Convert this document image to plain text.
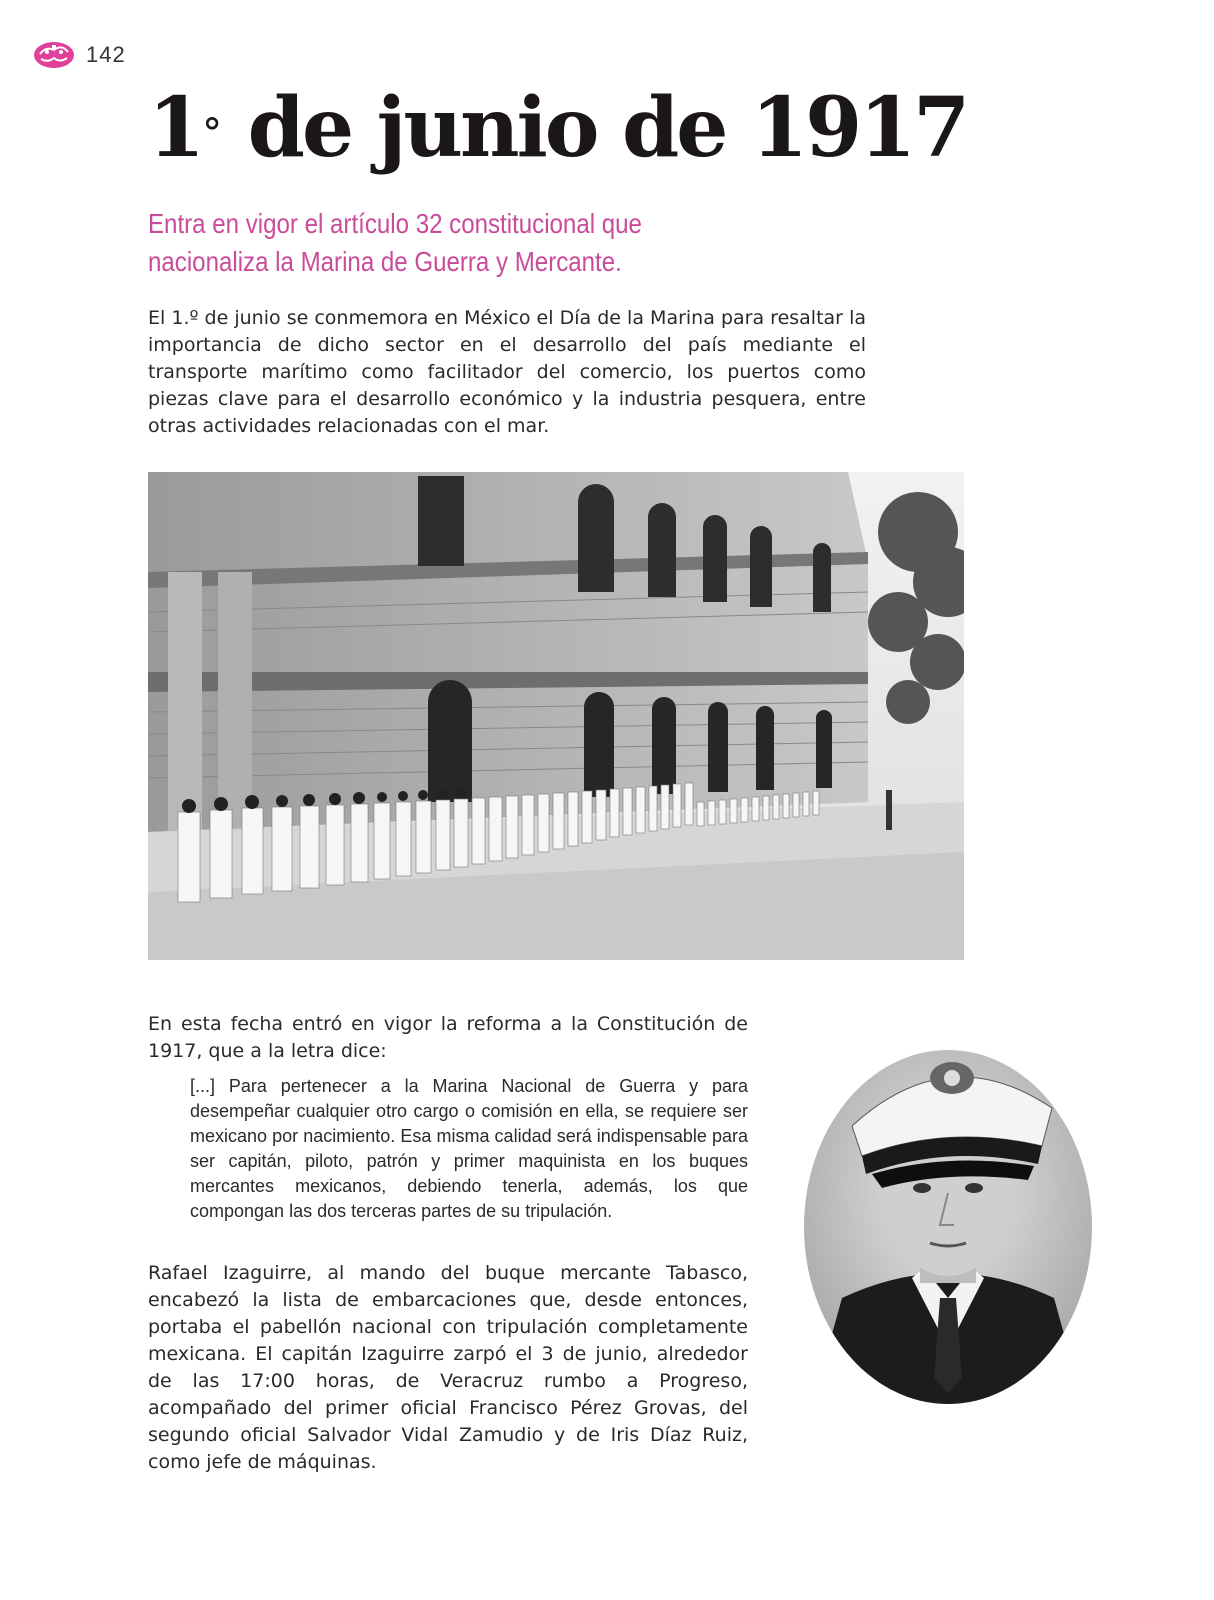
142
1° de junio de 1917

Entra en vigor el artículo 32 constitucional que nacionaliza la Marina de Guerra y Mercante.

El 1.º de junio se conmemora en México el Día de la Marina para resaltar la importancia de dicho sector en el desarrollo del país mediante el transporte marítimo como facilitador del comercio, los puertos como piezas clave para el desarrollo económico y la industria pesquera, entre otras actividades relacionadas con el mar.

En esta fecha entró en vigor la reforma a la Constitución de 1917, que a la letra dice:

[...] Para pertenecer a la Marina Nacional de Guerra y para desempeñar cualquier otro cargo o comisión en ella, se requiere ser mexicano por nacimiento. Esa misma calidad será indispensable para ser capitán, piloto, patrón y primer maquinista en los buques mercantes mexicanos, debiendo tenerla, además, los que compongan las dos terceras partes de su tripulación.

Rafael Izaguirre, al mando del buque mercante Tabasco, encabezó la lista de embarcaciones que, desde entonces, portaba el pabellón nacional con tripulación completamente mexicana. El capitán Izaguirre zarpó el 3 de junio, alrededor de las 17:00 horas, de Veracruz rumbo a Progreso, acompañado del primer oficial Francisco Pérez Grovas, del segundo oficial Salvador Vidal Zamudio y de Iris Díaz Ruiz, como jefe de máquinas.
